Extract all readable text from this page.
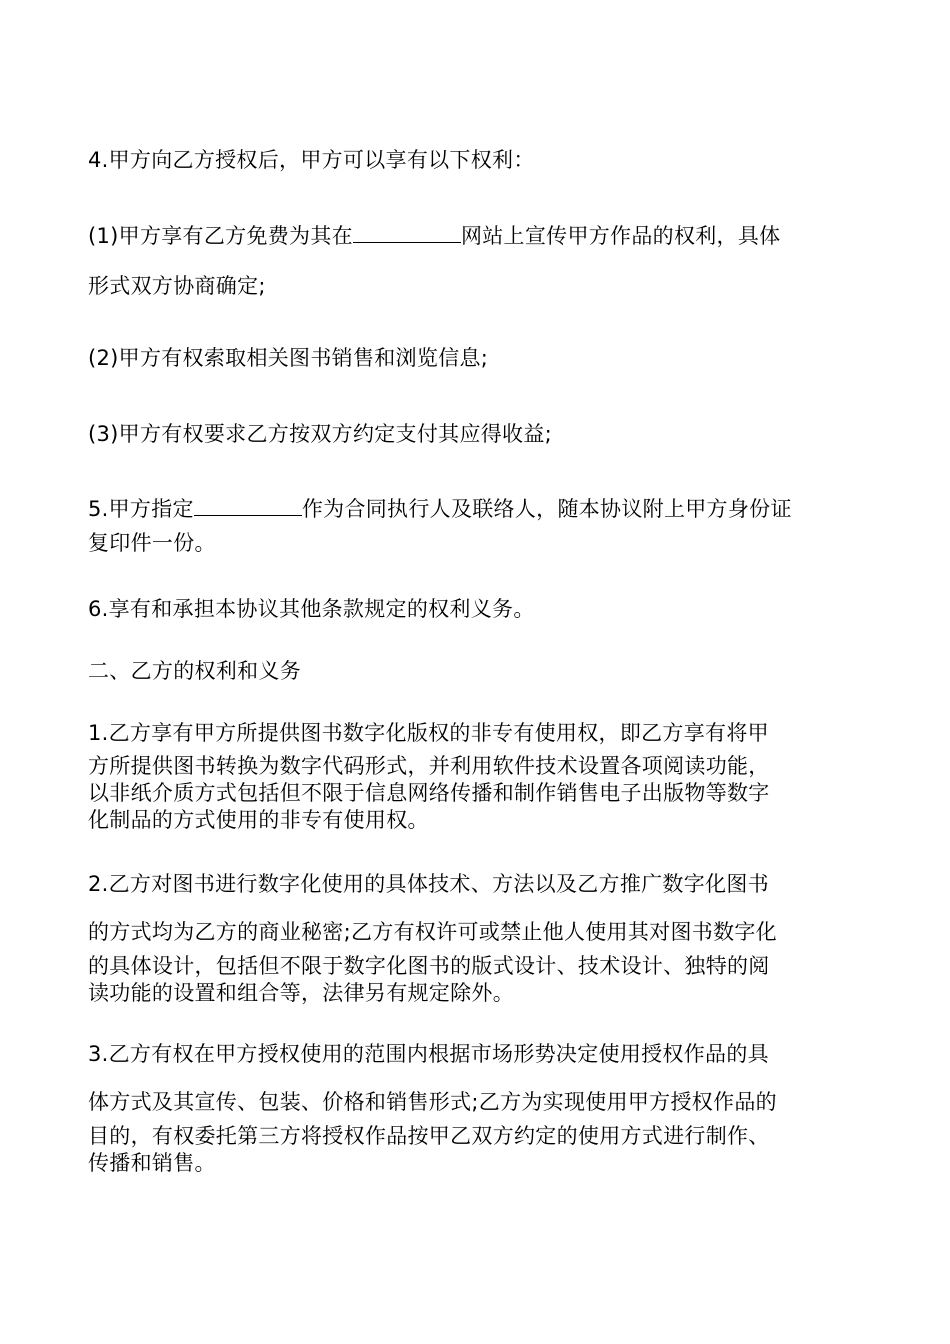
4.甲方向乙方授权后，甲方可以享有以下权利：

(1)甲方享有乙方免费为其在	网站上宣传甲方作品的权利，具体
形式双方协商确定;

(2)甲方有权索取相关图书销售和浏览信息;

(3)甲方有权要求乙方按双方约定支付其应得收益;

5.甲方指定	作为合同执行人及联络人，随本协议附上甲方身份证
复印件一份。

6.享有和承担本协议其他条款规定的权利义务。

二、乙方的权利和义务

1.乙方享有甲方所提供图书数字化版权的非专有使用权，即乙方享有将甲
方所提供图书转换为数字代码形式，并利用软件技术设置各项阅读功能，
以非纸介质方式包括但不限于信息网络传播和制作销售电子出版物等数字
化制品的方式使用的非专有使用权。

2.乙方对图书进行数字化使用的具体技术、方法以及乙方推广数字化图书
的方式均为乙方的商业秘密;乙方有权许可或禁止他人使用其对图书数字化
的具体设计，包括但不限于数字化图书的版式设计、技术设计、独特的阅
读功能的设置和组合等，法律另有规定除外。

3.乙方有权在甲方授权使用的范围内根据市场形势决定使用授权作品的具
体方式及其宣传、包装、价格和销售形式;乙方为实现使用甲方授权作品的
目的，有权委托第三方将授权作品按甲乙双方约定的使用方式进行制作、
传播和销售。
